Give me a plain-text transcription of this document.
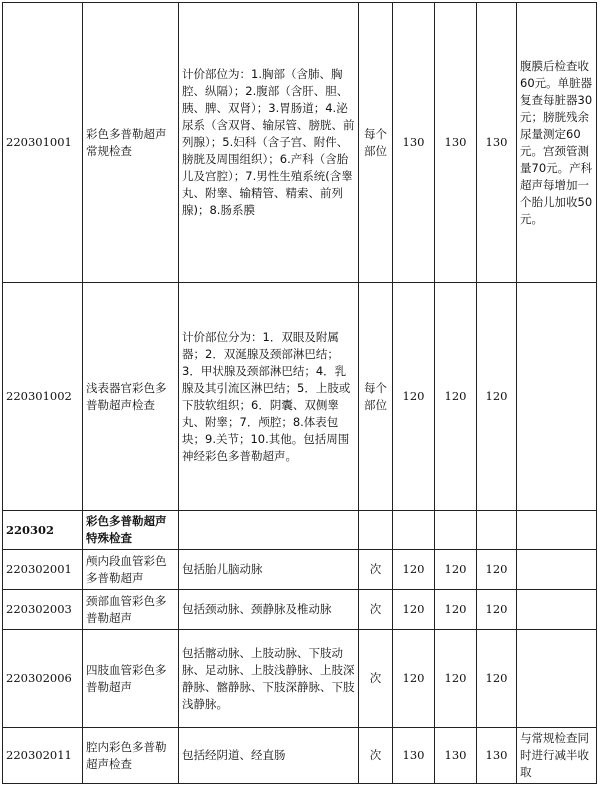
220301001	彩色多普勒超声常规检查	计价部位为：1.胸部（含肺、胸腔、纵隔）；2.腹部（含肝、胆、胰、脾、双肾）；3.胃肠道；4.泌尿系（含双肾、输尿管、膀胱、前列腺）；5.妇科（含子宫、附件、膀胱及周围组织）；6.产科（含胎儿及宫腔）；7.男性生殖系统(含睾丸、附睾、输精管、精索、前列腺)；8.肠系膜	每个部位	130	130	130	腹膜后检查收60元。单脏器复查每脏器30元；膀胱残余尿量测定60元。宫颈管测量70元。产科超声每增加一个胎儿加收50元。
220301002	浅表器官彩色多普勒超声检查	计价部位分为：1．双眼及附属器；2．双涎腺及颈部淋巴结；3．甲状腺及颈部淋巴结；4．乳腺及其引流区淋巴结；5．上肢或下肢软组织；6．阴囊、双侧睾丸、附睾；7．颅腔；8.体表包块；9.关节；10.其他。包括周围神经彩色多普勒超声。	每个部位	120	120	120	
220302	彩色多普勒超声特殊检查						
220302001	颅内段血管彩色多普勒超声	包括胎儿脑动脉	次	120	120	120	
220302003	颈部血管彩色多普勒超声	包括颈动脉、颈静脉及椎动脉	次	120	120	120	
220302006	四肢血管彩色多普勒超声	包括髂动脉、上肢动脉、下肢动脉、足动脉、上肢浅静脉、上肢深静脉、髂静脉、下肢深静脉、下肢浅静脉。	次	120	120	120	
220302011	腔内彩色多普勒超声检查	包括经阴道、经直肠	次	130	130	130	与常规检查同时进行减半收取
